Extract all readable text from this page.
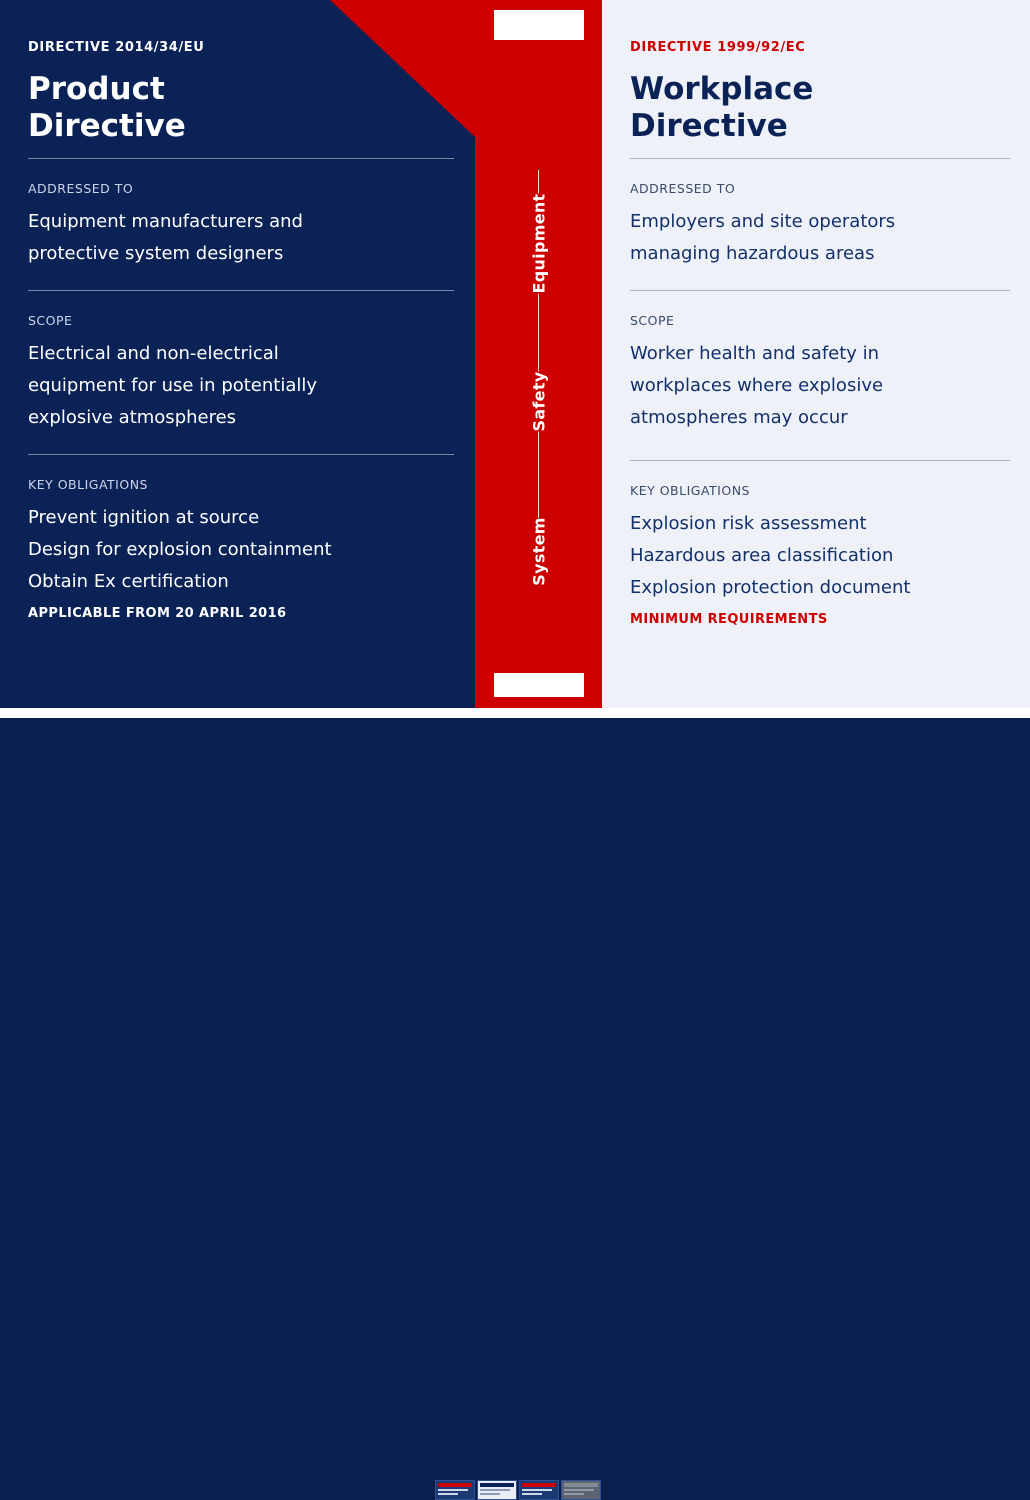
DIRECTIVE 2014/34/EU

Product Directive

ADDRESSED TO

Equipment manufacturers and protective system designers

SCOPE

Electrical and non-electrical equipment for use in potentially explosive atmospheres

KEY OBLIGATIONS

Prevent ignition at source

Design for explosion containment

Obtain Ex certification

APPLICABLE FROM 20 APRIL 2016

Equipment
Safety
System

DIRECTIVE 1999/92/EC

Workplace Directive

ADDRESSED TO

Employers and site operators managing hazardous areas

SCOPE

Worker health and safety in workplaces where explosive atmospheres may occur

KEY OBLIGATIONS

Explosion risk assessment

Hazardous area classification

Explosion protection document

MINIMUM REQUIREMENTS
